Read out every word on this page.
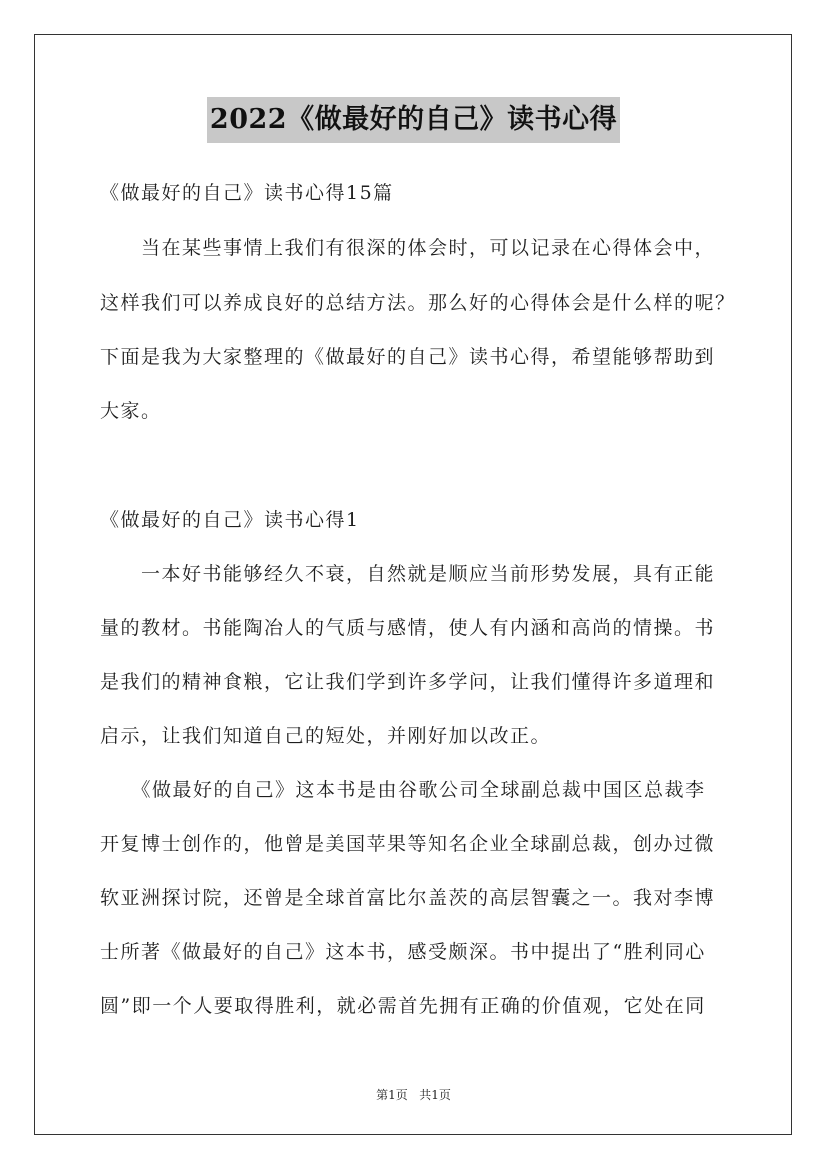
2022《做最好的自己》读书心得
《做最好的自己》读书心得15篇
　　当在某些事情上我们有很深的体会时，可以记录在心得体会中，
这样我们可以养成良好的总结方法。那么好的心得体会是什么样的呢？
下面是我为大家整理的《做最好的自己》读书心得，希望能够帮助到
大家。
《做最好的自己》读书心得1
　　一本好书能够经久不衰，自然就是顺应当前形势发展，具有正能
量的教材。书能陶冶人的气质与感情，使人有内涵和高尚的情操。书
是我们的精神食粮，它让我们学到许多学问，让我们懂得许多道理和
启示，让我们知道自己的短处，并刚好加以改正。
　　《做最好的自己》这本书是由谷歌公司全球副总裁中国区总裁李
开复博士创作的，他曾是美国苹果等知名企业全球副总裁，创办过微
软亚洲探讨院，还曾是全球首富比尔盖茨的高层智囊之一。我对李博
士所著《做最好的自己》这本书，感受颇深。书中提出了“胜利同心
圆”即一个人要取得胜利，就必需首先拥有正确的价值观，它处在同
第1页 共1页
